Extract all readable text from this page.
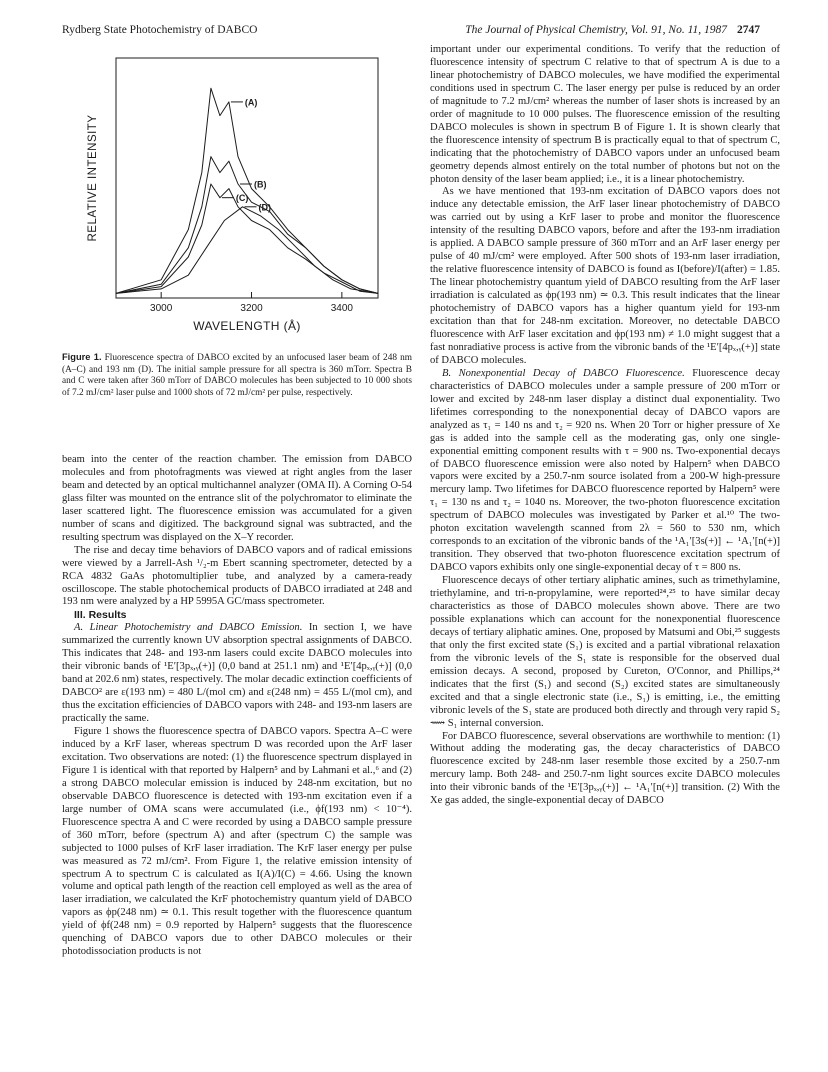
Rydberg State Photochemistry of DABCO	The Journal of Physical Chemistry, Vol. 91, No. 11, 1987 2747
RELATIVE INTENSITY
WAVELENGTH (Å)
3000	3200	3400
(A)
(B)
(C)
(D)
Figure 1. Fluorescence spectra of DABCO excited by an unfocused laser beam of 248 nm (A–C) and 193 nm (D). The initial sample pressure for all spectra is 360 mTorr. Spectra B and C were taken after 360 mTorr of DABCO molecules has been subjected to 10 000 shots of 7.2 mJ/cm² laser pulse and 1000 shots of 72 mJ/cm² per pulse, respectively.

beam into the center of the reaction chamber. The emission from DABCO molecules and from photofragments was viewed at right angles from the laser beam and detected by an optical multichannel analyzer (OMA II). A Corning O-54 glass filter was mounted on the entrance slit of the polychromator to eliminate the laser scattered light. The fluorescence emission was accumulated for a given number of scans and digitized. The background signal was subtracted, and the resulting spectrum was displayed on the X–Y recorder.

The rise and decay time behaviors of DABCO vapors and of radical emissions were viewed by a Jarrell-Ash ¹/₂-m Ebert scanning spectrometer, detected by a RCA 4832 GaAs photomultiplier tube, and analyzed by a camera-ready oscilloscope. The stable photochemical products of DABCO irradiated at 248 and 193 nm were analyzed by a HP 5995A GC/mass spectrometer.

III. Results

A. Linear Photochemistry and DABCO Emission. In section I, we have summarized the currently known UV absorption spectral assignments of DABCO. This indicates that 248- and 193-nm lasers could excite DABCO molecules into their vibronic bands of ¹E′[3pₓ,ᵧ(+)] (0,0 band at 251.1 nm) and ¹E′[4pₓ,ᵧ(+)] (0,0 band at 202.6 nm) states, respectively. The molar decadic extinction coefficients of DABCO² are ε(193 nm) = 480 L/(mol cm) and ε(248 nm) = 455 L/(mol cm), and thus the excitation efficiencies of DABCO vapors with 248- and 193-nm lasers are practically the same.

Figure 1 shows the fluorescence spectra of DABCO vapors. Spectra A–C were induced by a KrF laser, whereas spectrum D was recorded upon the ArF laser excitation. Two observations are noted: (1) the fluorescence spectrum displayed in Figure 1 is identical with that reported by Halpern⁵ and by Lahmani et al.,⁶ and (2) a strong DABCO molecular emission is induced by 248-nm excitation, but no observable DABCO fluorescence is detected with 193-nm excitation even if a large number of OMA scans were accumulated (i.e., ϕf(193 nm) < 10⁻⁴). Fluorescence spectra A and C were recorded by using a DABCO sample pressure of 360 mTorr, before (spectrum A) and after (spectrum C) the sample was subjected to 1000 pulses of KrF laser irradiation. The KrF laser energy per pulse was measured as 72 mJ/cm². From Figure 1, the relative emission intensity of spectrum A to spectrum C is calculated as I(A)/I(C) = 4.66. Using the known volume and optical path length of the reaction cell employed as well as the area of laser irradiation, we calculated the KrF photochemistry quantum yield of DABCO vapors as ϕp(248 nm) ≃ 0.1. This result together with the fluorescence quantum yield of ϕf(248 nm) = 0.9 reported by Halpern⁵ suggests that the fluorescence quenching of DABCO vapors due to other DABCO molecules or their photodissociation products is not

important under our experimental conditions. To verify that the reduction of fluorescence intensity of spectrum C relative to that of spectrum A is due to a linear photochemistry of DABCO molecules, we have modified the experimental conditions used in spectrum C. The laser energy per pulse is reduced by an order of magnitude to 7.2 mJ/cm² whereas the number of laser shots is increased by an order of magnitude to 10 000 pulses. The fluorescence emission of the resulting DABCO molecules is shown in spectrum B of Figure 1. It is shown clearly that the fluorescence intensity of spectrum B is practically equal to that of spectrum C, indicating that the photochemistry of DABCO vapors under an unfocused beam geometry depends almost entirely on the total number of photons but not on the photon density of the laser beam applied; i.e., it is a linear photochemistry.

As we have mentioned that 193-nm excitation of DABCO vapors does not induce any detectable emission, the ArF laser linear photochemistry of DABCO was carried out by using a KrF laser to probe and monitor the fluorescence intensity of the resulting DABCO vapors, before and after the 193-nm irradiation is applied. A DABCO sample pressure of 360 mTorr and an ArF laser energy per pulse of 40 mJ/cm² were employed. After 500 shots of 193-nm laser irradiation, the relative fluorescence intensity of DABCO is found as I(before)/I(after) = 1.85. The linear photochemistry quantum yield of DABCO resulting from the ArF laser irradiation is calculated as ϕp(193 nm) ≃ 0.3. This result indicates that the linear photochemistry of DABCO vapors has a higher quantum yield for 193-nm excitation than that for 248-nm excitation. Moreover, no detectable DABCO fluorescence with ArF laser excitation and ϕp(193 nm) ≠ 1.0 might suggest that a fast nonradiative process is active from the vibronic bands of the ¹E′[4pₓ,ᵧ(+)] state of DABCO molecules.

B. Nonexponential Decay of DABCO Fluorescence. Fluorescence decay characteristics of DABCO molecules under a sample pressure of 200 mTorr or lower and excited by 248-nm laser display a distinct dual exponentiality. Two lifetimes corresponding to the nonexponential decay of DABCO vapors are analyzed as τ₁ = 140 ns and τ₂ = 920 ns. When 20 Torr or higher pressure of Xe gas is added into the sample cell as the moderating gas, only one single-exponential emitting component results with τ = 900 ns. Two-exponential decays of DABCO fluorescence emission were also noted by Halpern⁵ when DABCO vapors were excited by a 250.7-nm source isolated from a 200-W high-pressure mercury lamp. Two lifetimes for DABCO fluorescence reported by Halpern⁵ were τ₁ = 130 ns and τ₂ = 1040 ns. Moreover, the two-photon fluorescence excitation spectrum of DABCO molecules was investigated by Parker et al.¹⁰ The two-photon excitation wavelength scanned from 2λ = 560 to 530 nm, which corresponds to an excitation of the vibronic bands of the ¹A₁′[3s(+)] ← ¹A₁′[n(+)] transition. They observed that two-photon fluorescence excitation spectrum of DABCO vapors exhibits only one single-exponential decay of τ = 800 ns.

Fluorescence decays of other tertiary aliphatic amines, such as trimethylamine, triethylamine, and tri-n-propylamine, were reported²⁴,²⁵ to have similar decay characteristics as those of DABCO molecules shown above. There are two possible explanations which can account for the nonexponential fluorescence decays of tertiary aliphatic amines. One, proposed by Matsumi and Obi,²⁵ suggests that only the first excited state (S₁) is excited and a partial vibrational relaxation from the vibronic levels of the S₁ state is responsible for the observed dual emission decays. A second, proposed by Cureton, O'Connor, and Phillips,²⁴ indicates that the first (S₁) and second (S₂) excited states are simultaneously excited and that a single electronic state (i.e., S₁) is emitting, i.e., the emitting vibronic levels of the S₁ state are produced both directly and through very rapid S₂ ⟿ S₁ internal conversion.

For DABCO fluorescence, several observations are worthwhile to mention: (1) Without adding the moderating gas, the decay characteristics of DABCO fluorescence excited by 248-nm laser resemble those excited by a 250.7-nm mercury lamp. Both 248- and 250.7-nm light sources excite DABCO molecules into their vibronic bands of the ¹E′[3pₓ,ᵧ(+)] ← ¹A₁′[n(+)] transition. (2) With the Xe gas added, the single-exponential decay of DABCO
